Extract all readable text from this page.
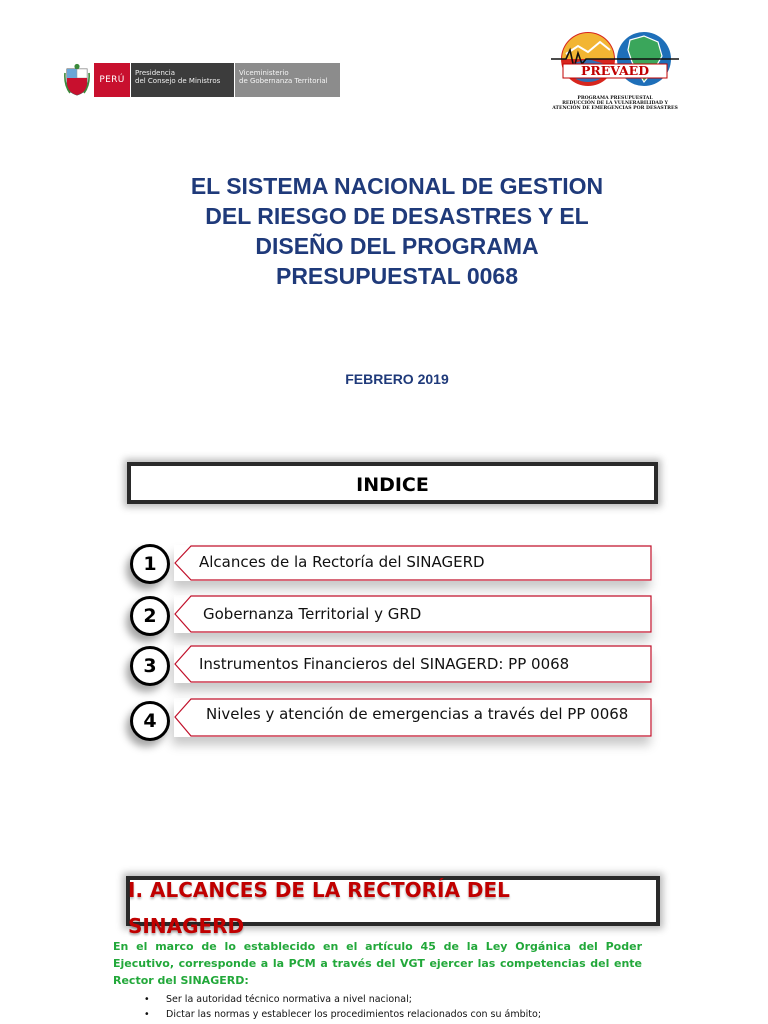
PERÚ
Presidencia
del Consejo de Ministros
Viceministerio
de Gobernanza Territorial
PREVAED
PROGRAMA PRESUPUESTAL
REDUCCIÓN DE LA VULNERABILIDAD Y
ATENCIÓN DE EMERGENCIAS POR DESASTRES
EL SISTEMA NACIONAL DE GESTION
DEL RIESGO DE DESASTRES Y EL
DISEÑO DEL PROGRAMA
PRESUPUESTAL 0068
FEBRERO 2019
INDICE
1	Alcances de la Rectoría del SINAGERD
2	Gobernanza Territorial y GRD
3	Instrumentos Financieros del SINAGERD: PP 0068
4	Niveles y atención de emergencias a través del PP 0068
I. ALCANCES DE LA RECTORÍA DEL
SINAGERD
En el marco de lo establecido en el artículo 45 de la Ley Orgánica del Poder Ejecutivo, corresponde a la PCM a través del VGT ejercer las competencias del ente Rector del SINAGERD:
• Ser la autoridad técnico normativa a nivel nacional;
• Dictar las normas y establecer los procedimientos relacionados con su ámbito;
